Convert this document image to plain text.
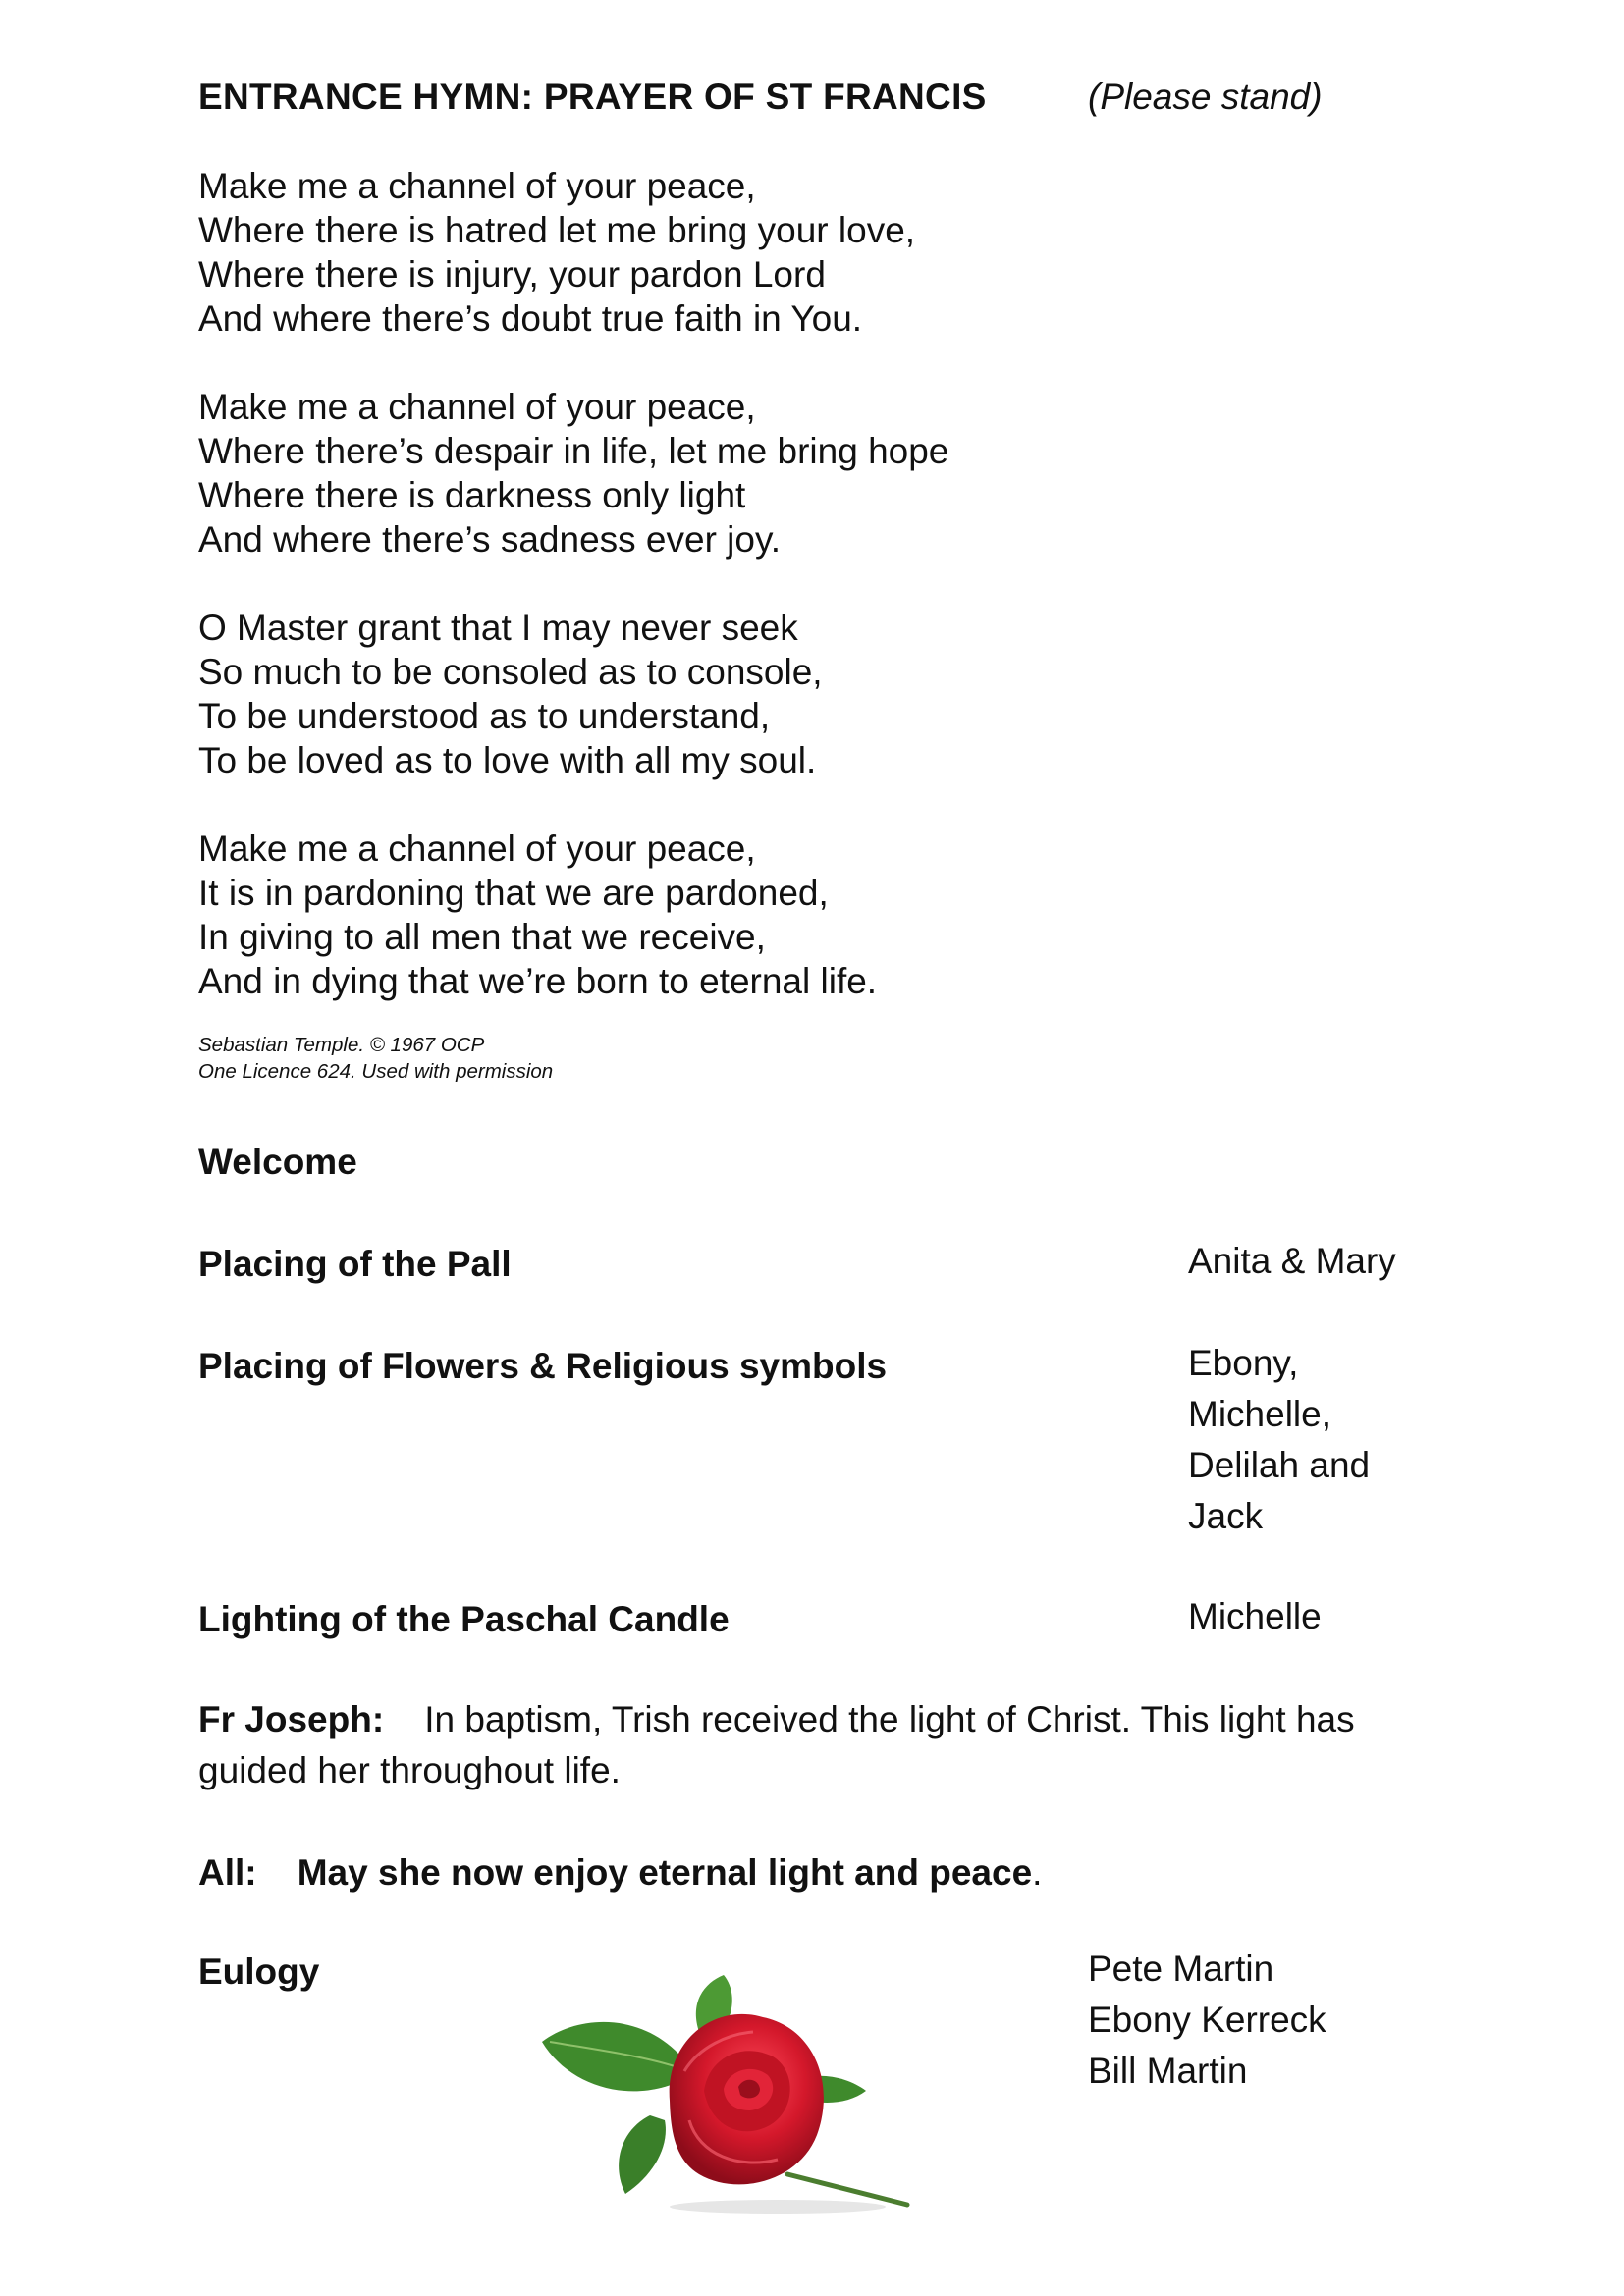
ENTRANCE HYMN: PRAYER OF ST FRANCIS	(Please stand)
Make me a channel of your peace,
Where there is hatred let me bring your love,
Where there is injury, your pardon Lord
And where there’s doubt true faith in You.
Make me a channel of your peace,
Where there’s despair in life, let me bring hope
Where there is darkness only light
And where there’s sadness ever joy.
O Master grant that I may never seek
So much to be consoled as to console,
To be understood as to understand,
To be loved as to love with all my soul.
Make me a channel of your peace,
It is in pardoning that we are pardoned,
In giving to all men that we receive,
And in dying that we’re born to eternal life.
Sebastian Temple. © 1967 OCP
One Licence 624. Used with permission
Welcome
Placing of the Pall	Anita & Mary
Placing of Flowers & Religious symbols	Ebony,
Michelle,
Delilah and
Jack
Lighting of the Paschal Candle	Michelle
Fr Joseph: In baptism, Trish received the light of Christ. This light has guided her throughout life.
All: May she now enjoy eternal light and peace.
Eulogy	Pete Martin
Ebony Kerreck
Bill Martin
